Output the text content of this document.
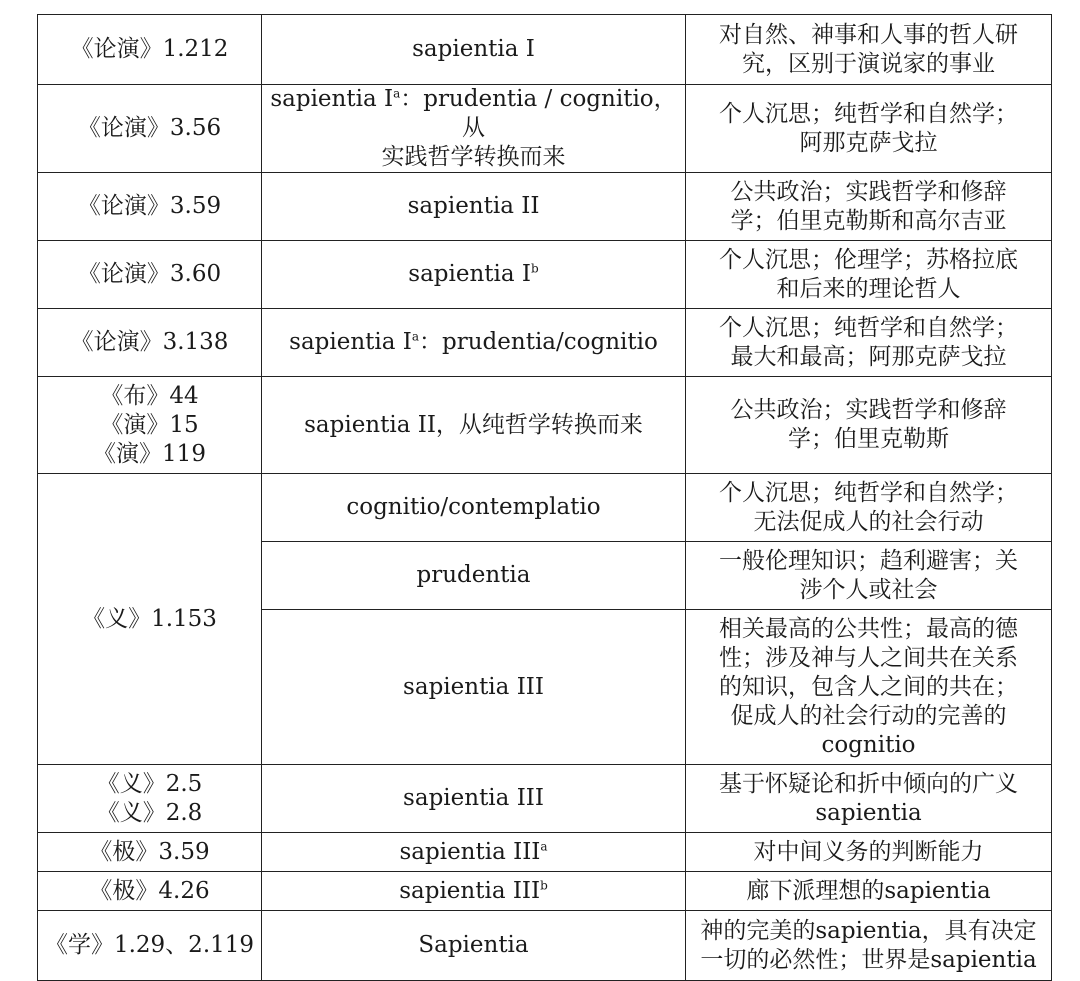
《论演》1.212	sapientia I	对自然、神事和人事的哲人研
究，区别于演说家的事业

《论演》3.56	sapientia $I^a$：prudentia / cognitio，从
实践哲学转换而来	个人沉思；纯哲学和自然学；
阿那克萨戈拉

《论演》3.59	sapientia II	公共政治；实践哲学和修辞
学；伯里克勒斯和高尔吉亚

《论演》3.60	sapientia $I^b$	个人沉思；伦理学；苏格拉底
和后来的理论哲人

《论演》3.138	sapientia $I^a$：prudentia/cognitio	个人沉思；纯哲学和自然学；
最大和最高；阿那克萨戈拉

《布》44
《演》15
《演》119	sapientia II，从纯哲学转换而来	公共政治；实践哲学和修辞
学；伯里克勒斯

《义》1.153	cognitio/contemplatio	个人沉思；纯哲学和自然学；
无法促成人的社会行动

	prudentia	一般伦理知识；趋利避害；关
涉个人或社会

	sapientia III	相关最高的公共性；最高的德
性；涉及神与人之间共在关系
的知识，包含人之间的共在；
促成人的社会行动的完善的
cognitio

《义》2.5
《义》2.8	sapientia III	基于怀疑论和折中倾向的广义
sapientia

《极》3.59	sapientia III$^a$	对中间义务的判断能力
《极》4.26	sapientia III$^b$	廊下派理想的sapientia
《学》1.29、2.119	Sapientia	神的完美的sapientia，具有决定
一切的必然性；世界是sapientia
